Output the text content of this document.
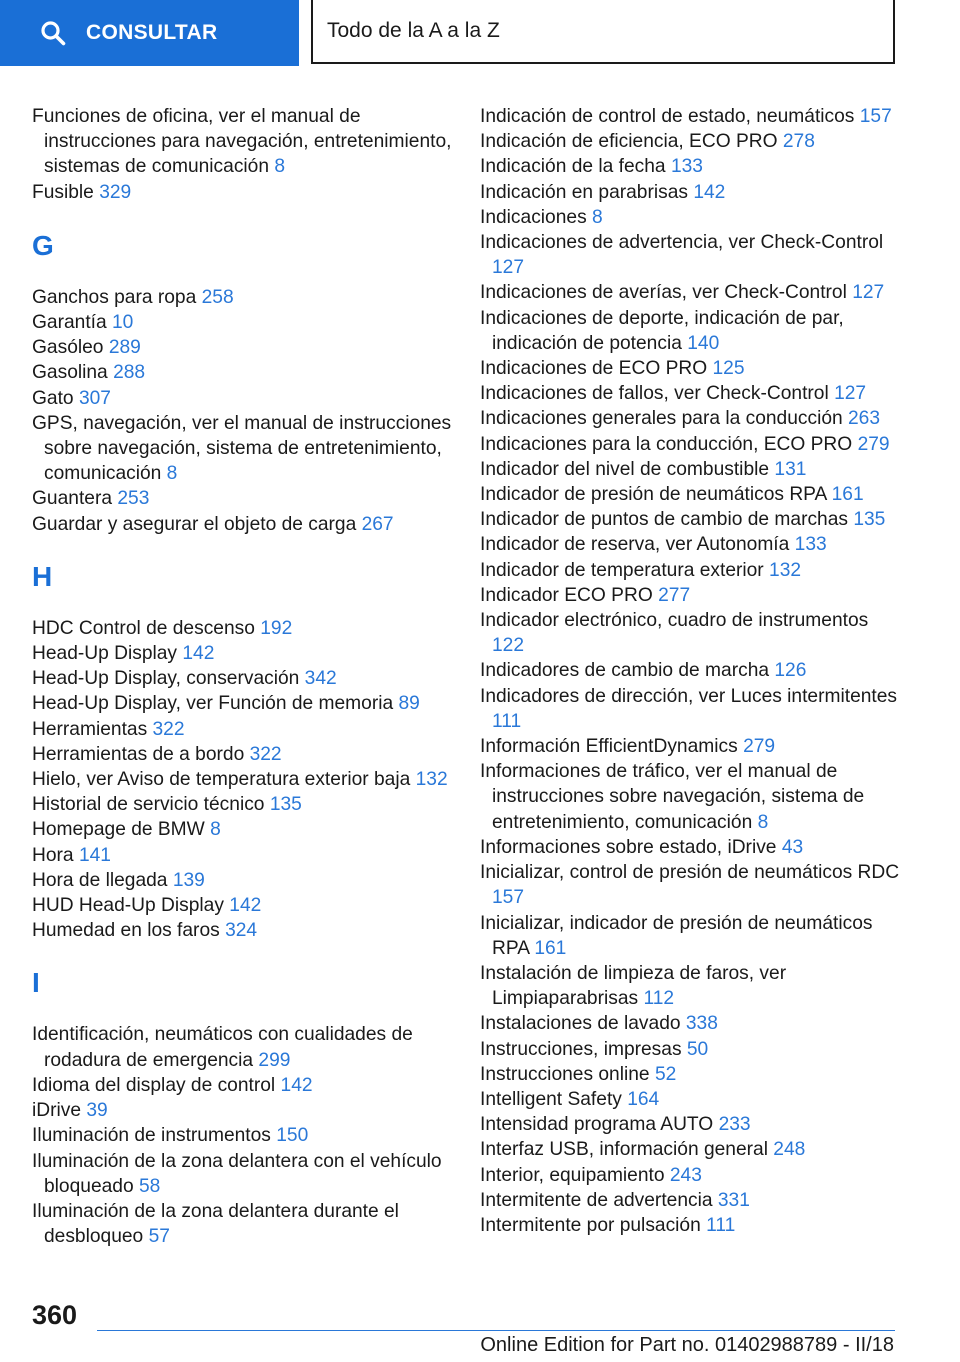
CONSULTAR	Todo de la A a la Z
Funciones de oficina, ver el manual de instrucciones para navegación, entretenimiento, sistemas de comunicación 8
Fusible 329
G
Ganchos para ropa 258
Garantía 10
Gasóleo 289
Gasolina 288
Gato 307
GPS, navegación, ver el manual de instrucciones sobre navegación, sistema de entretenimiento, comunicación 8
Guantera 253
Guardar y asegurar el objeto de carga 267
H
HDC Control de descenso 192
Head-Up Display 142
Head-Up Display, conservación 342
Head-Up Display, ver Función de memoria 89
Herramientas 322
Herramientas de a bordo 322
Hielo, ver Aviso de temperatura exterior baja 132
Historial de servicio técnico 135
Homepage de BMW 8
Hora 141
Hora de llegada 139
HUD Head-Up Display 142
Humedad en los faros 324
I
Identificación, neumáticos con cualidades de rodadura de emergencia 299
Idioma del display de control 142
iDrive 39
Iluminación de instrumentos 150
Iluminación de la zona delantera con el vehículo bloqueado 58
Iluminación de la zona delantera durante el desbloqueo 57
Indicación de control de estado, neumáticos 157
Indicación de eficiencia, ECO PRO 278
Indicación de la fecha 133
Indicación en parabrisas 142
Indicaciones 8
Indicaciones de advertencia, ver Check-Control 127
Indicaciones de averías, ver Check-Control 127
Indicaciones de deporte, indicación de par, indicación de potencia 140
Indicaciones de ECO PRO 125
Indicaciones de fallos, ver Check-Control 127
Indicaciones generales para la conducción 263
Indicaciones para la conducción, ECO PRO 279
Indicador del nivel de combustible 131
Indicador de presión de neumáticos RPA 161
Indicador de puntos de cambio de marchas 135
Indicador de reserva, ver Autonomía 133
Indicador de temperatura exterior 132
Indicador ECO PRO 277
Indicador electrónico, cuadro de instrumentos 122
Indicadores de cambio de marcha 126
Indicadores de dirección, ver Luces intermitentes 111
Información EfficientDynamics 279
Informaciones de tráfico, ver el manual de instrucciones sobre navegación, sistema de entretenimiento, comunicación 8
Informaciones sobre estado, iDrive 43
Inicializar, control de presión de neumáticos RDC 157
Inicializar, indicador de presión de neumáticos RPA 161
Instalación de limpieza de faros, ver Limpiaparabrisas 112
Instalaciones de lavado 338
Instrucciones, impresas 50
Instrucciones online 52
Intelligent Safety 164
Intensidad programa AUTO 233
Interfaz USB, información general 248
Interior, equipamiento 243
Intermitente de advertencia 331
Intermitente por pulsación 111
360
Online Edition for Part no. 01402988789 - II/18
